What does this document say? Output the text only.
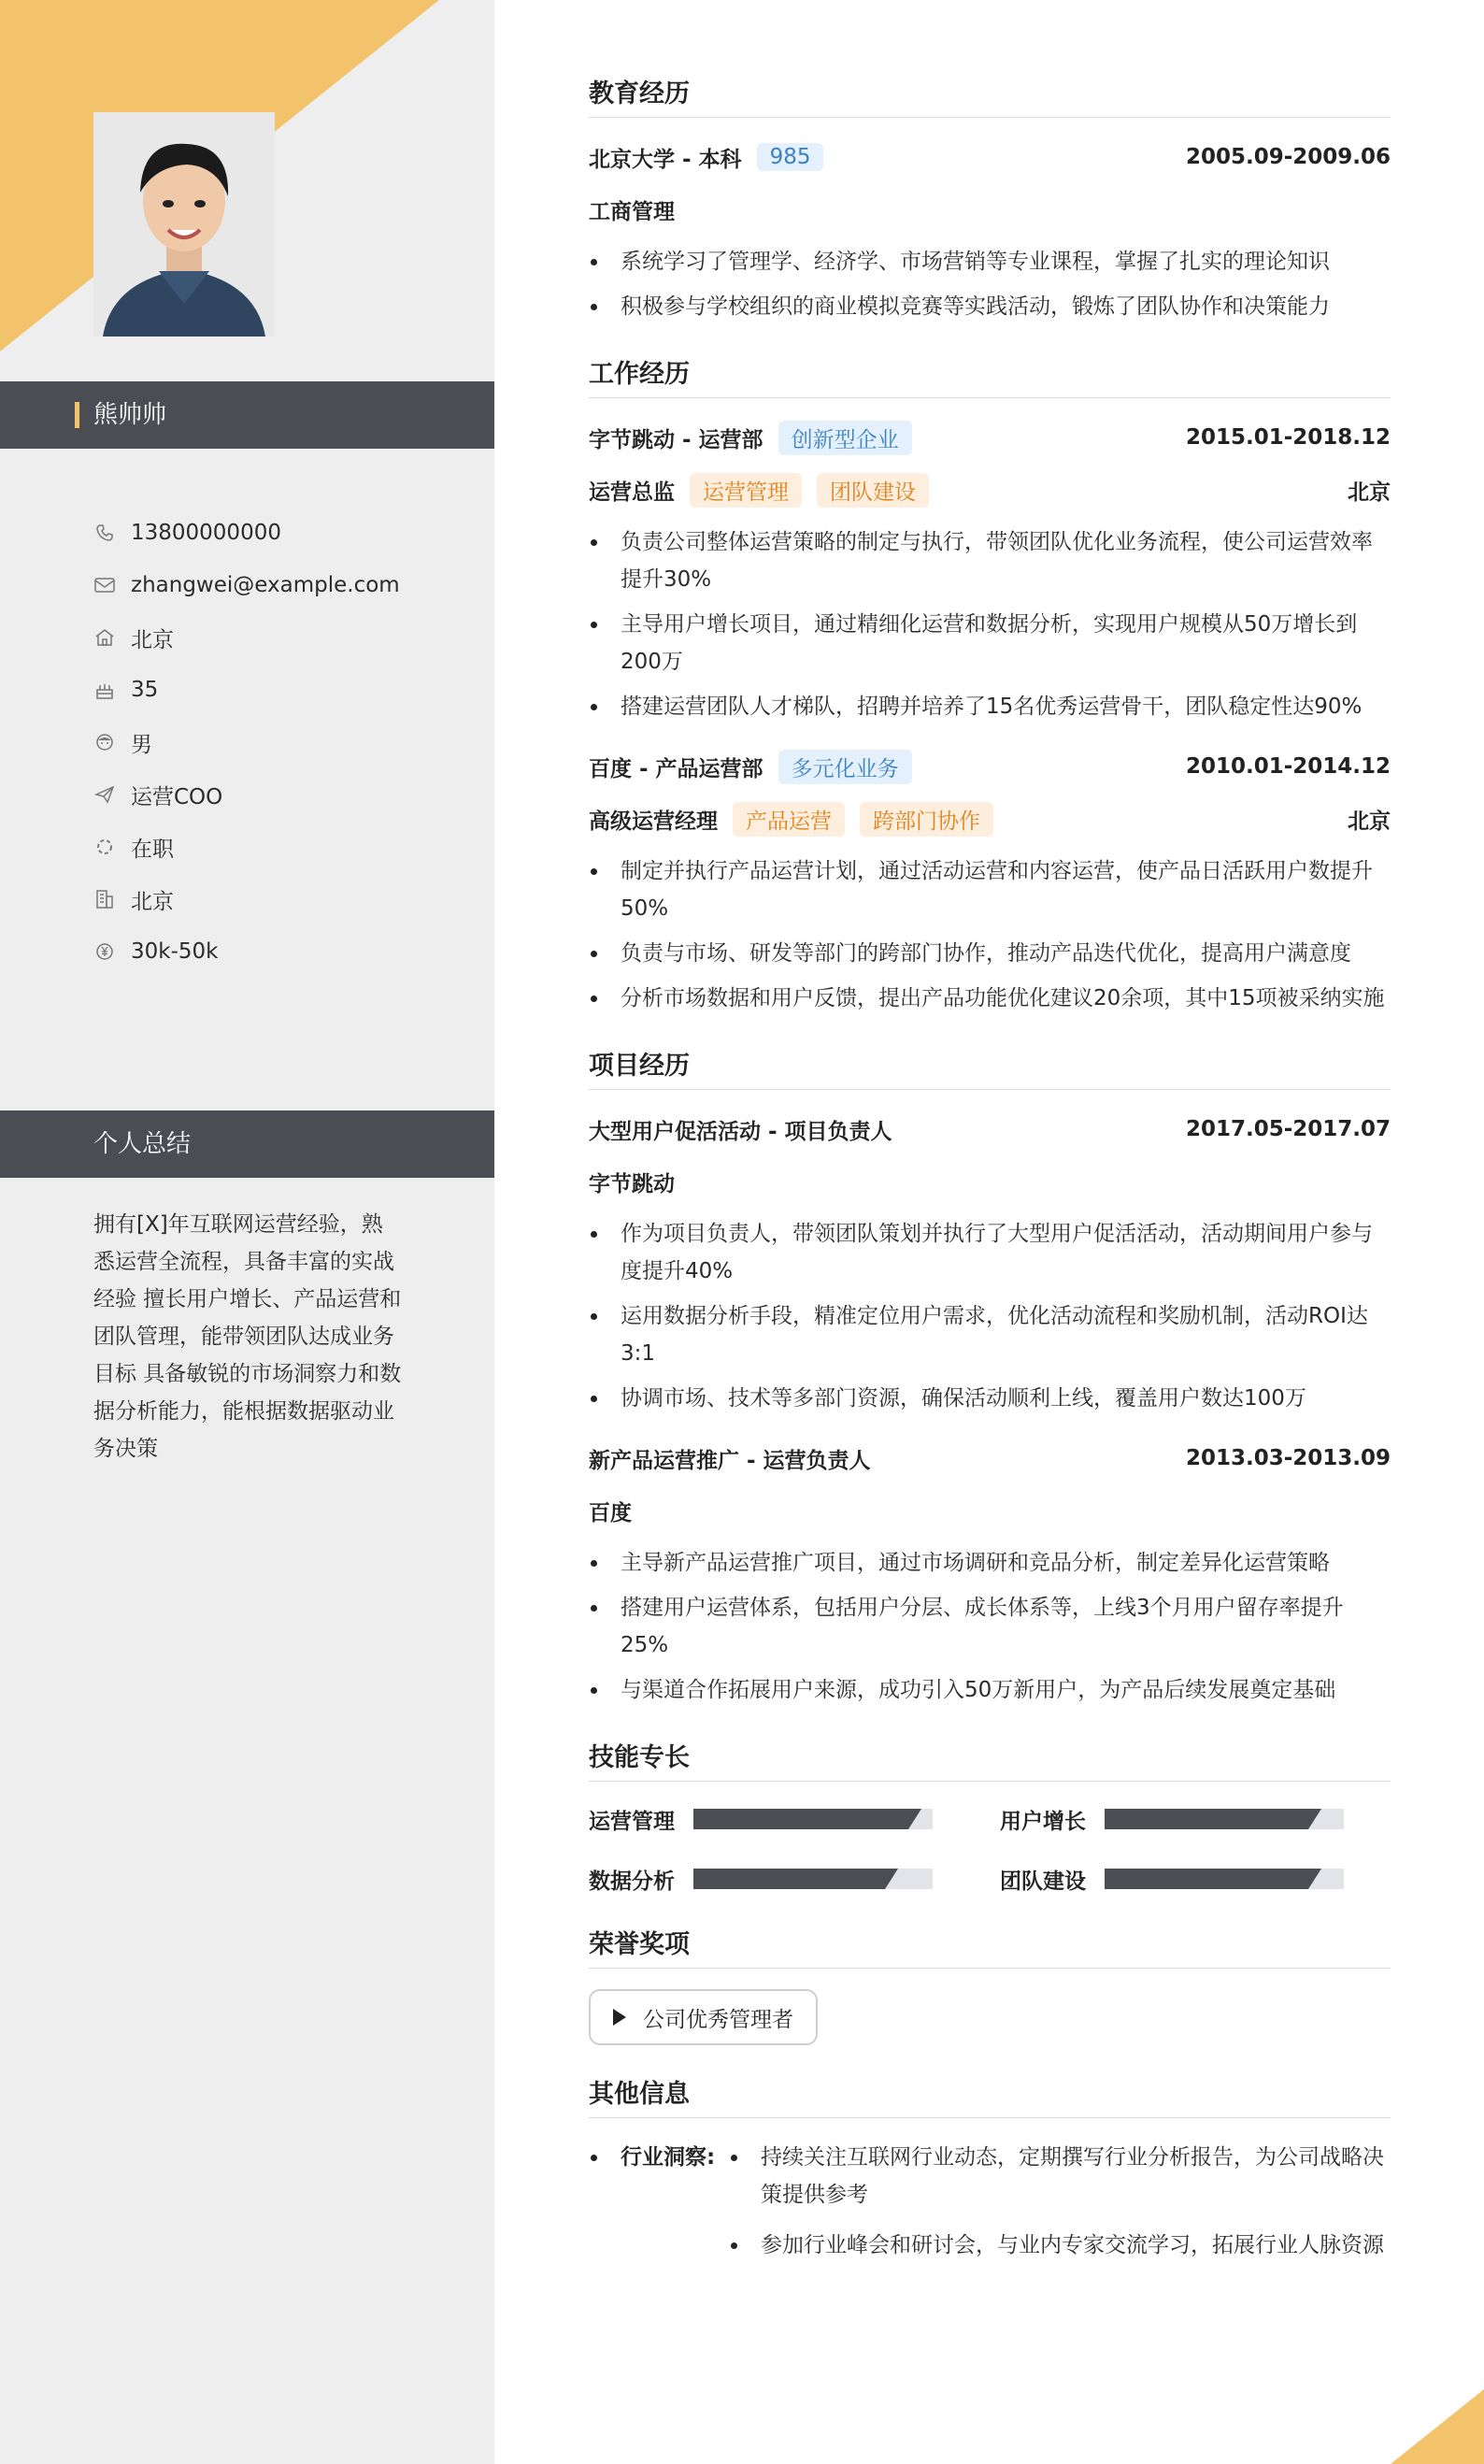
熊帅帅
13800000000
zhangwei@example.com
北京
35
男
运营COO
在职
北京
30k-50k
个人总结
拥有[X]年互联网运营经验，熟悉运营全流程，具备丰富的实战经验 擅长用户增长、产品运营和团队管理，能带领团队达成业务目标 具备敏锐的市场洞察力和数据分析能力，能根据数据驱动业务决策
教育经历
北京大学 - 本科	985	2005.09-2009.06
工商管理
系统学习了管理学、经济学、市场营销等专业课程，掌握了扎实的理论知识
积极参与学校组织的商业模拟竞赛等实践活动，锻炼了团队协作和决策能力
工作经历
字节跳动 - 运营部	创新型企业	2015.01-2018.12
运营总监	运营管理	团队建设	北京
负责公司整体运营策略的制定与执行，带领团队优化业务流程，使公司运营效率提升30%
主导用户增长项目，通过精细化运营和数据分析，实现用户规模从50万增长到200万
搭建运营团队人才梯队，招聘并培养了15名优秀运营骨干，团队稳定性达90%
百度 - 产品运营部	多元化业务	2010.01-2014.12
高级运营经理	产品运营	跨部门协作	北京
制定并执行产品运营计划，通过活动运营和内容运营，使产品日活跃用户数提升50%
负责与市场、研发等部门的跨部门协作，推动产品迭代优化，提高用户满意度
分析市场数据和用户反馈，提出产品功能优化建议20余项，其中15项被采纳实施
项目经历
大型用户促活活动 - 项目负责人	2017.05-2017.07
字节跳动
作为项目负责人，带领团队策划并执行了大型用户促活活动，活动期间用户参与度提升40%
运用数据分析手段，精准定位用户需求，优化活动流程和奖励机制，活动ROI达3:1
协调市场、技术等多部门资源，确保活动顺利上线，覆盖用户数达100万
新产品运营推广 - 运营负责人	2013.03-2013.09
百度
主导新产品运营推广项目，通过市场调研和竞品分析，制定差异化运营策略
搭建用户运营体系，包括用户分层、成长体系等，上线3个月用户留存率提升25%
与渠道合作拓展用户来源，成功引入50万新用户，为产品后续发展奠定基础
技能专长
运营管理	用户增长
数据分析	团队建设
荣誉奖项
公司优秀管理者
其他信息
行业洞察:	持续关注互联网行业动态，定期撰写行业分析报告，为公司战略决策提供参考
参加行业峰会和研讨会，与业内专家交流学习，拓展行业人脉资源
